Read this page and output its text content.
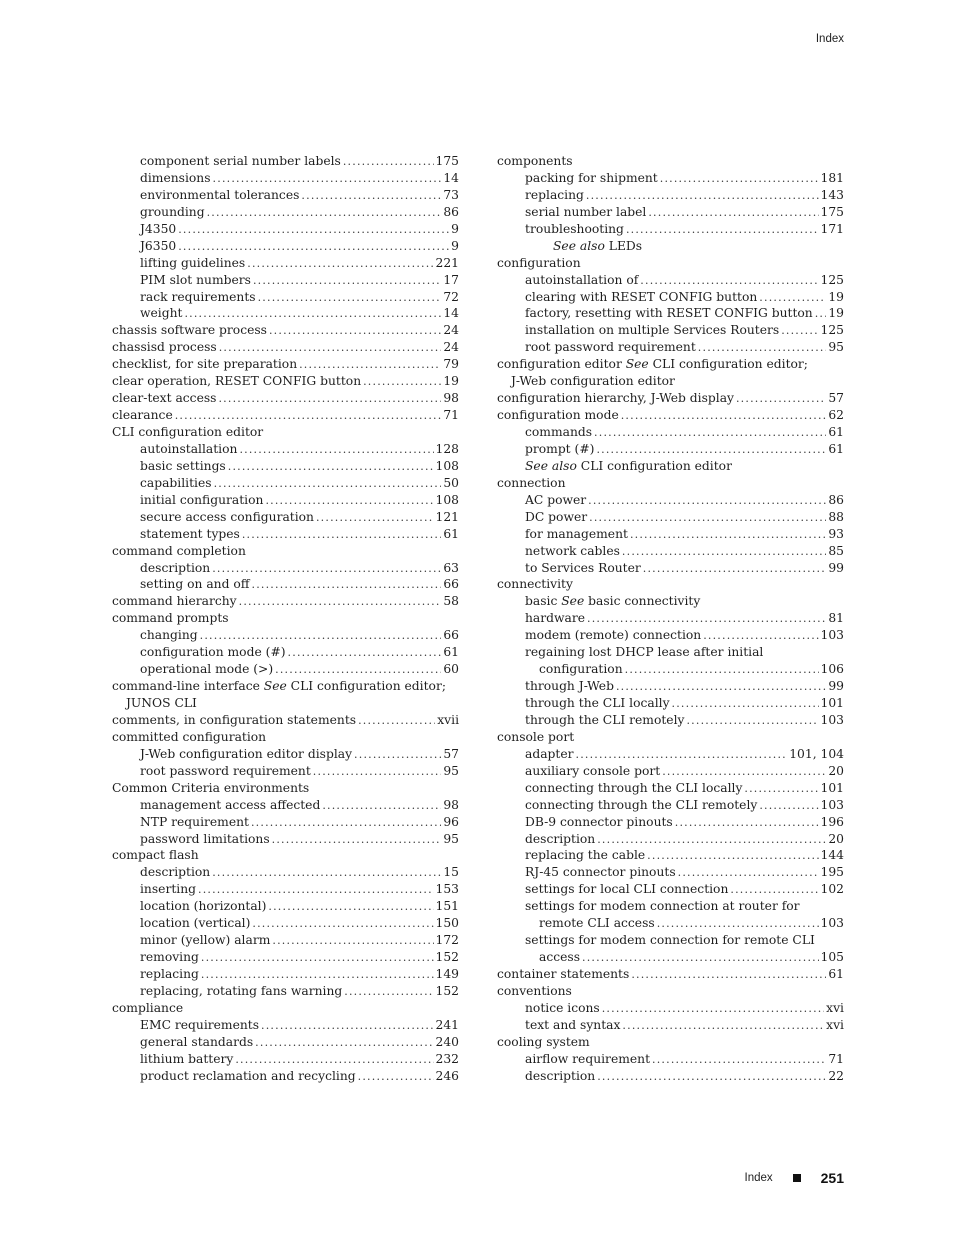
Index
component serial number labels .....	175
dimensions .....	14
environmental tolerances .....	73
grounding .....	86
J4350 .....	9
J6350 .....	9
lifting guidelines .....	221
PIM slot numbers .....	17
rack requirements .....	72
weight .....	14
chassis software process .....	24
chassisd process .....	24
checklist, for site preparation .....	79
clear operation, RESET CONFIG button .....	19
clear-text access .....	98
clearance .....	71
CLI configuration editor
autoinstallation .....	128
basic settings .....	108
capabilities .....	50
initial configuration .....	108
secure access configuration .....	121
statement types .....	61
command completion
description .....	63
setting on and off .....	66
command hierarchy .....	58
command prompts
changing .....	66
configuration mode (#) .....	61
operational mode (>) .....	60
command-line interface See CLI configuration editor;
JUNOS CLI
comments, in configuration statements .....	xvii
committed configuration
J-Web configuration editor display .....	57
root password requirement .....	95
Common Criteria environments
management access affected .....	98
NTP requirement .....	96
password limitations .....	95
compact flash
description .....	15
inserting .....	153
location (horizontal) .....	151
location (vertical) .....	150
minor (yellow) alarm .....	172
removing .....	152
replacing .....	149
replacing, rotating fans warning .....	152
compliance
EMC requirements .....	241
general standards .....	240
lithium battery .....	232
product reclamation and recycling .....	246
components
packing for shipment .....	181
replacing .....	143
serial number label .....	175
troubleshooting .....	171
See also LEDs
configuration
autoinstallation of .....	125
clearing with RESET CONFIG button .....	19
factory, resetting with RESET CONFIG button ..... 19
installation on multiple Services Routers .....	125
root password requirement .....	95
configuration editor See CLI configuration editor;
J-Web configuration editor
configuration hierarchy, J-Web display .....	57
configuration mode .....	62
commands .....	61
prompt (#) .....	61
See also CLI configuration editor
connection
AC power .....	86
DC power .....	88
for management .....	93
network cables .....	85
to Services Router .....	99
connectivity
basic See basic connectivity
hardware .....	81
modem (remote) connection .....	103
regaining lost DHCP lease after initial
configuration .....	106
through J-Web .....	99
through the CLI locally .....	101
through the CLI remotely .....	103
console port
adapter .....	101, 104
auxiliary console port .....	20
connecting through the CLI locally .....	101
connecting through the CLI remotely .....	103
DB-9 connector pinouts .....	196
description .....	20
replacing the cable .....	144
RJ-45 connector pinouts .....	195
settings for local CLI connection .....	102
settings for modem connection at router for
remote CLI access .....	103
settings for modem connection for remote CLI
access .....	105
container statements .....	61
conventions
notice icons .....	xvi
text and syntax .....	xvi
cooling system
airflow requirement .....	71
description .....	22
Index	251
